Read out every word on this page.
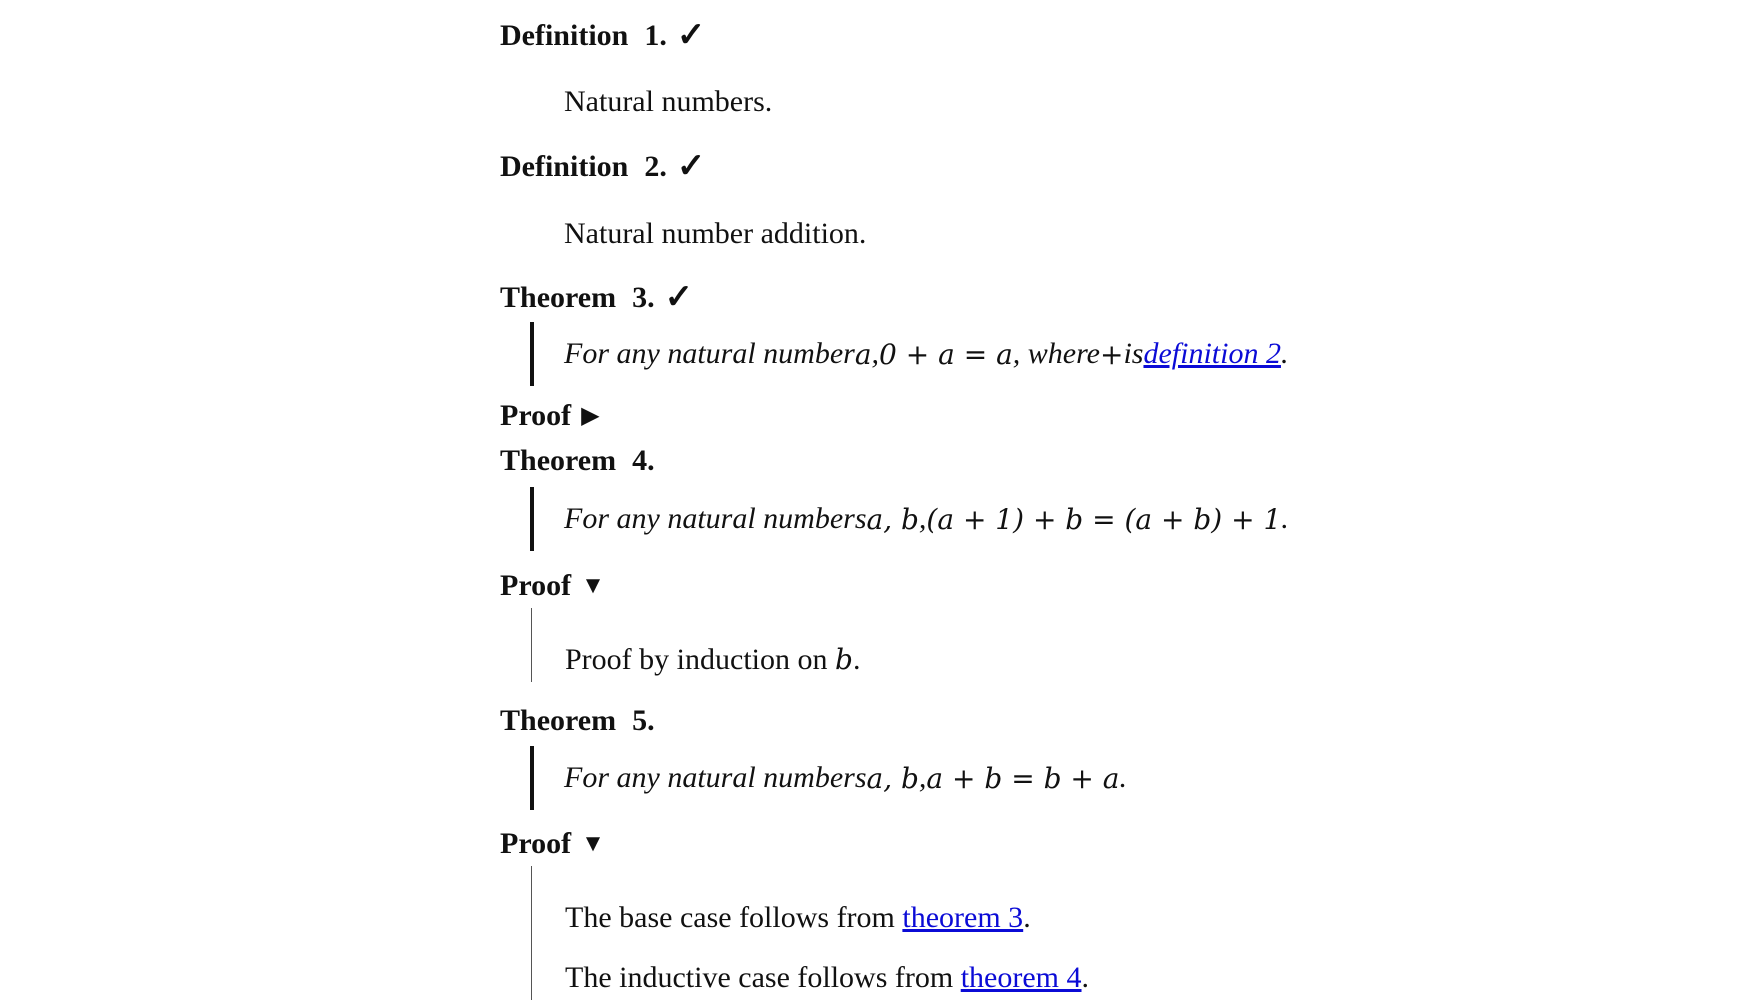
Definition 1. ✓
Natural numbers.
Definition 2. ✓
Natural number addition.
Theorem 3. ✓
For any natural number a , 0 + a = a , where + is definition 2 .
Proof ▶
Theorem 4.
For any natural numbers a, b , (a + 1) + b = (a + b) + 1 .
Proof ▼
Proof by induction on b.
Theorem 5.
For any natural numbers a, b , a + b = b + a .
Proof ▼
The base case follows from theorem 3.
The inductive case follows from theorem 4.
